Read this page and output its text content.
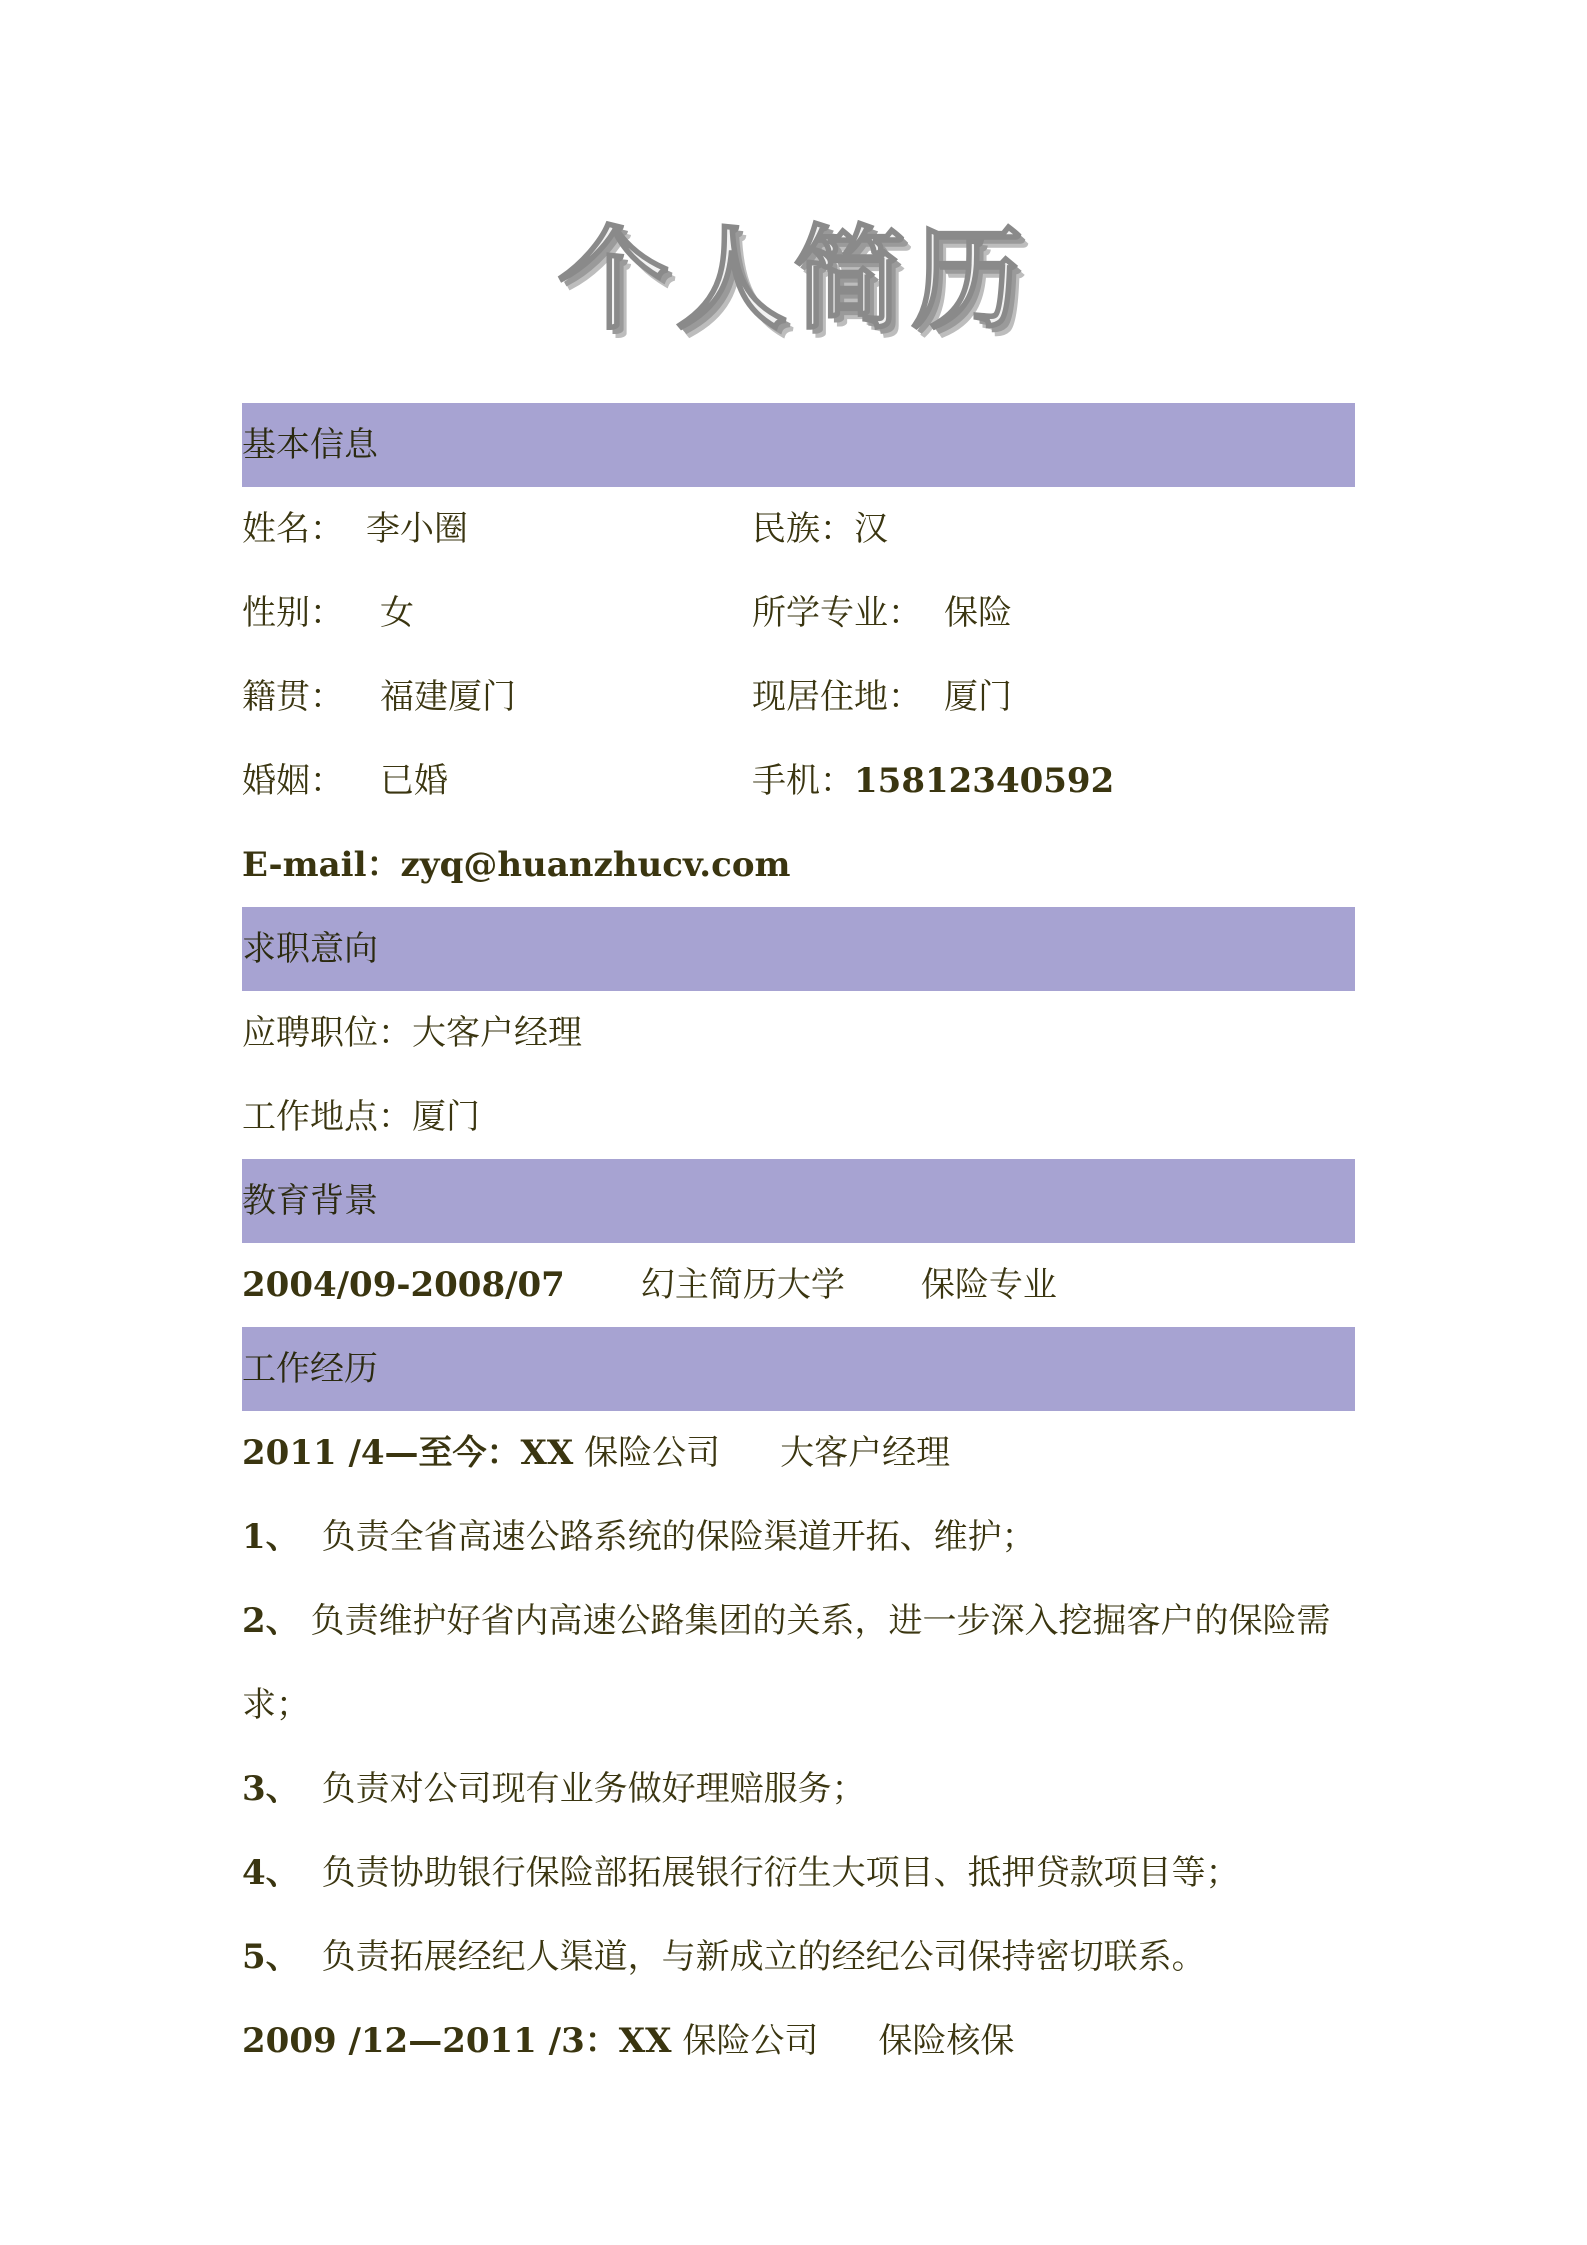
个人简历
基本信息
姓名： 李小圈	民族：汉
性别： 女	所学专业： 保险
籍贯： 福建厦门	现居住地： 厦门
婚姻： 已婚	手机：15812340592
E-mail：zyq@huanzhucv.com
求职意向
应聘职位：大客户经理
工作地点：厦门
教育背景
2004/09-2008/07 幻主简历大学 保险专业
工作经历
2011 /4—至今：XX 保险公司 大客户经理
1、 负责全省高速公路系统的保险渠道开拓、维护；
2、 负责维护好省内高速公路集团的关系，进一步深入挖掘客户的保险需求；
3、 负责对公司现有业务做好理赔服务；
4、 负责协助银行保险部拓展银行衍生大项目、抵押贷款项目等；
5、 负责拓展经纪人渠道，与新成立的经纪公司保持密切联系。
2009 /12—2011 /3：XX 保险公司 保险核保
